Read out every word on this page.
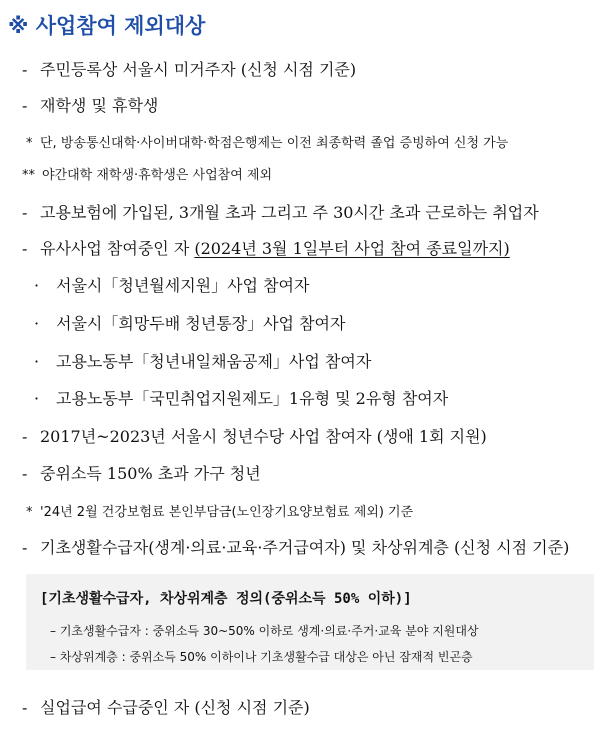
※ 사업참여 제외대상
- 주민등록상 서울시 미거주자 (신청 시점 기준)
- 재학생 및 휴학생
* 단, 방송통신대학·사이버대학·학점은행제는 이전 최종학력 졸업 증빙하여 신청 가능
** 야간대학 재학생·휴학생은 사업참여 제외
- 고용보험에 가입된, 3개월 초과 그리고 주 30시간 초과 근로하는 취업자
- 유사사업 참여중인 자 (2024년 3월 1일부터 사업 참여 종료일까지)
· 서울시「청년월세지원」사업 참여자
· 서울시「희망두배 청년통장」사업 참여자
· 고용노동부「청년내일채움공제」사업 참여자
· 고용노동부「국민취업지원제도」1유형 및 2유형 참여자
- 2017년~2023년 서울시 청년수당 사업 참여자 (생애 1회 지원)
- 중위소득 150% 초과 가구 청년
* '24년 2월 건강보험료 본인부담금(노인장기요양보험료 제외) 기준
- 기초생활수급자(생계·의료·교육·주거급여자) 및 차상위계층 (신청 시점 기준)
[기초생활수급자, 차상위계층 정의(중위소득 50% 이하)]
– 기초생활수급자 : 중위소득 30~50% 이하로 생계·의료·주거·교육 분야 지원대상
– 차상위계층 : 중위소득 50% 이하이나 기초생활수급 대상은 아닌 잠재적 빈곤층
- 실업급여 수급중인 자 (신청 시점 기준)
